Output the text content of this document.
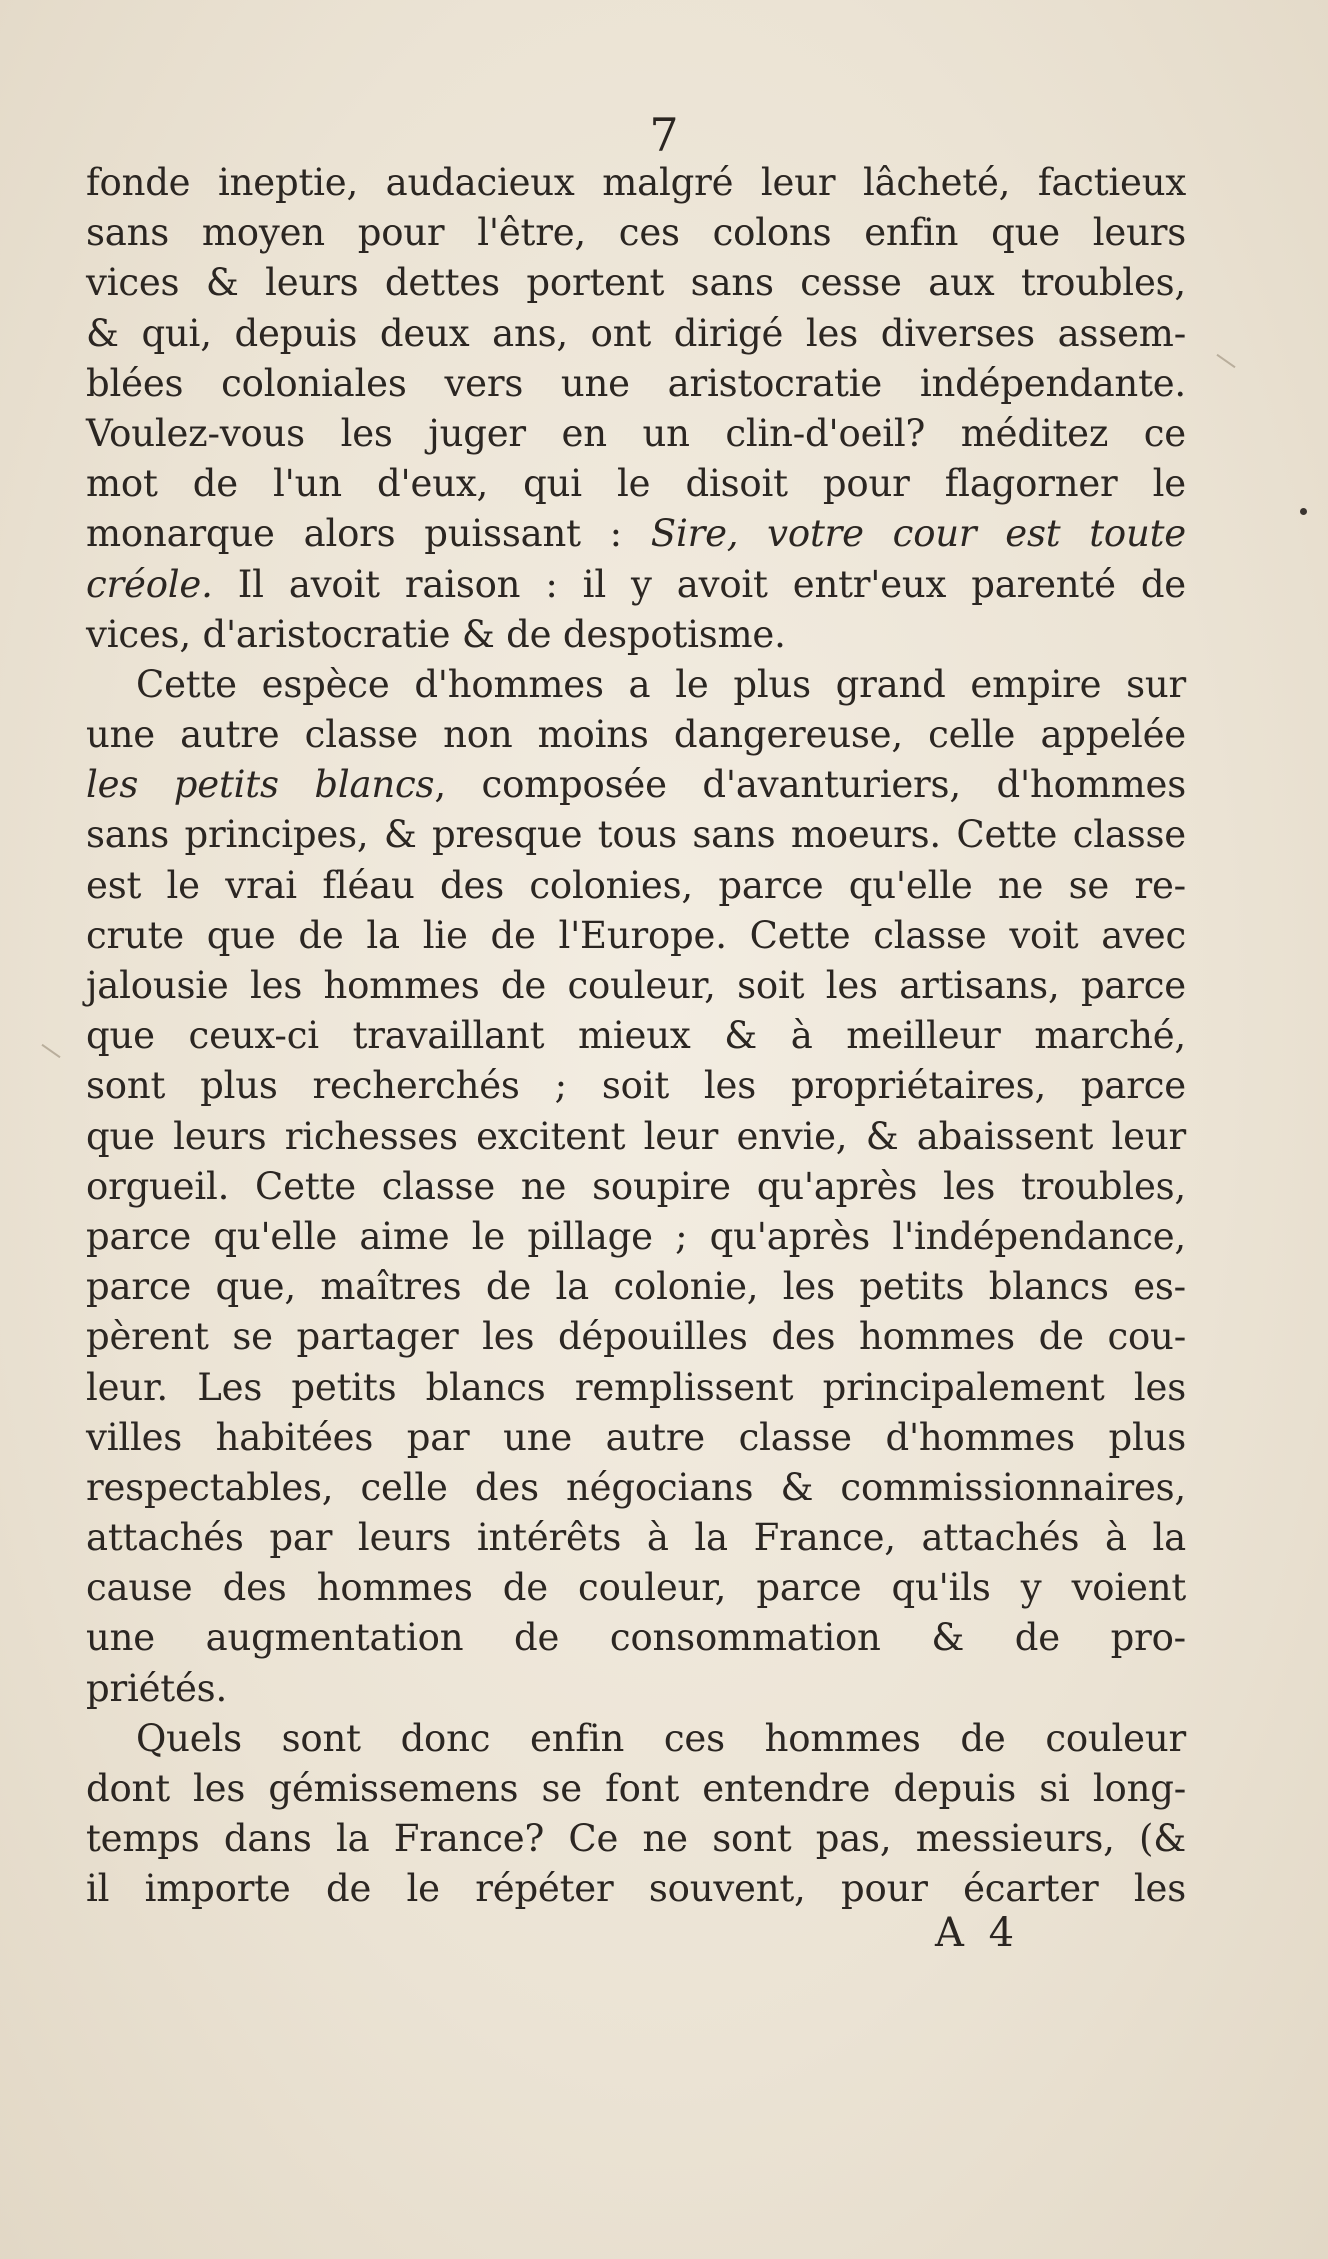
7
fonde ineptie, audacieux malgré leur lâcheté, factieux
sans moyen pour l'être, ces colons enfin que leurs
vices & leurs dettes portent sans cesse aux troubles,
& qui, depuis deux ans, ont dirigé les diverses assem-
blées coloniales vers une aristocratie indépendante.
Voulez-vous les juger en un clin-d'oeil? méditez ce
mot de l'un d'eux, qui le disoit pour flagorner le
monarque alors puissant : Sire, votre cour est toute
créole. Il avoit raison : il y avoit entr'eux parenté de
vices, d'aristocratie & de despotisme.
Cette espèce d'hommes a le plus grand empire sur
une autre classe non moins dangereuse, celle appelée
les petits blancs, composée d'avanturiers, d'hommes
sans principes, & presque tous sans moeurs. Cette classe
est le vrai fléau des colonies, parce qu'elle ne se re-
crute que de la lie de l'Europe. Cette classe voit avec
jalousie les hommes de couleur, soit les artisans, parce
que ceux-ci travaillant mieux & à meilleur marché,
sont plus recherchés ; soit les propriétaires, parce
que leurs richesses excitent leur envie, & abaissent leur
orgueil. Cette classe ne soupire qu'après les troubles,
parce qu'elle aime le pillage ; qu'après l'indépendance,
parce que, maîtres de la colonie, les petits blancs es-
pèrent se partager les dépouilles des hommes de cou-
leur. Les petits blancs remplissent principalement les
villes habitées par une autre classe d'hommes plus
respectables, celle des négocians & commissionnaires,
attachés par leurs intérêts à la France, attachés à la
cause des hommes de couleur, parce qu'ils y voient
une augmentation de consommation & de pro-
priétés.
Quels sont donc enfin ces hommes de couleur
dont les gémissemens se font entendre depuis si long-
temps dans la France? Ce ne sont pas, messieurs, (&
il importe de le répéter souvent, pour écarter les
A 4
